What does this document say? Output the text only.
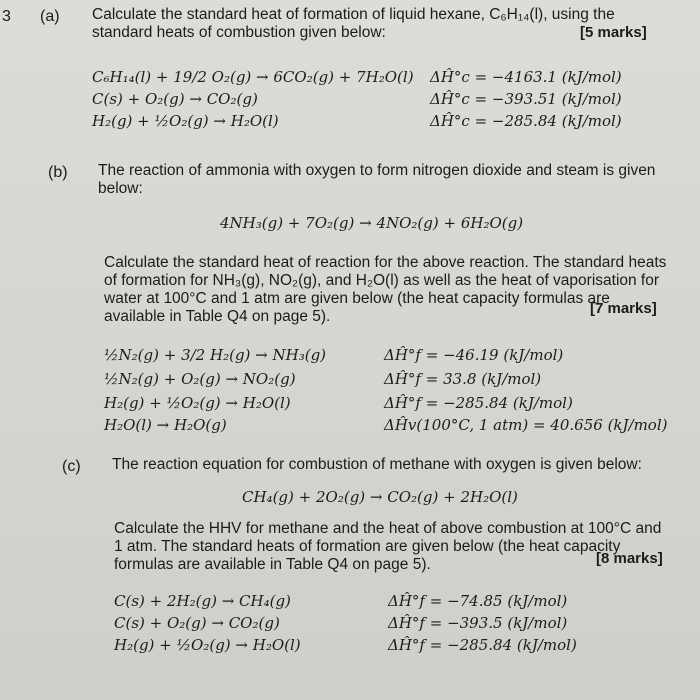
3 (a) Calculate the standard heat of formation of liquid hexane, C₆H₁₄(l), using the
standard heats of combustion given below:	[5 marks]
C₆H₁₄(l) + 19/2 O₂(g) → 6CO₂(g) + 7H₂O(l) ΔĤ°c = −4163.1 (kJ/mol)
C(s) + O₂(g) → CO₂(g)	ΔĤ°c = −393.51 (kJ/mol)
H₂(g) + ½O₂(g) → H₂O(l)	ΔĤ°c = −285.84 (kJ/mol)
(b) The reaction of ammonia with oxygen to form nitrogen dioxide and steam is given
below:
4NH₃(g) + 7O₂(g) → 4NO₂(g) + 6H₂O(g)
Calculate the standard heat of reaction for the above reaction. The standard heats
of formation for NH₃(g), NO₂(g), and H₂O(l) as well as the heat of vaporisation for
water at 100°C and 1 atm are given below (the heat capacity formulas are
available in Table Q4 on page 5).	[7 marks]
½N₂(g) + 3/2 H₂(g) → NH₃(g)	ΔĤ°f = −46.19 (kJ/mol)
½N₂(g) + O₂(g) → NO₂(g)	ΔĤ°f = 33.8 (kJ/mol)
H₂(g) + ½O₂(g) → H₂O(l)	ΔĤ°f = −285.84 (kJ/mol)
H₂O(l) → H₂O(g)	ΔĤv(100°C, 1 atm) = 40.656 (kJ/mol)
(c) The reaction equation for combustion of methane with oxygen is given below:
CH₄(g) + 2O₂(g) → CO₂(g) + 2H₂O(l)
Calculate the HHV for methane and the heat of above combustion at 100°C and
1 atm. The standard heats of formation are given below (the heat capacity
formulas are available in Table Q4 on page 5).	[8 marks]
C(s) + 2H₂(g) → CH₄(g)	ΔĤ°f = −74.85 (kJ/mol)
C(s) + O₂(g) → CO₂(g)	ΔĤ°f = −393.5 (kJ/mol)
H₂(g) + ½O₂(g) → H₂O(l)	ΔĤ°f = −285.84 (kJ/mol)
